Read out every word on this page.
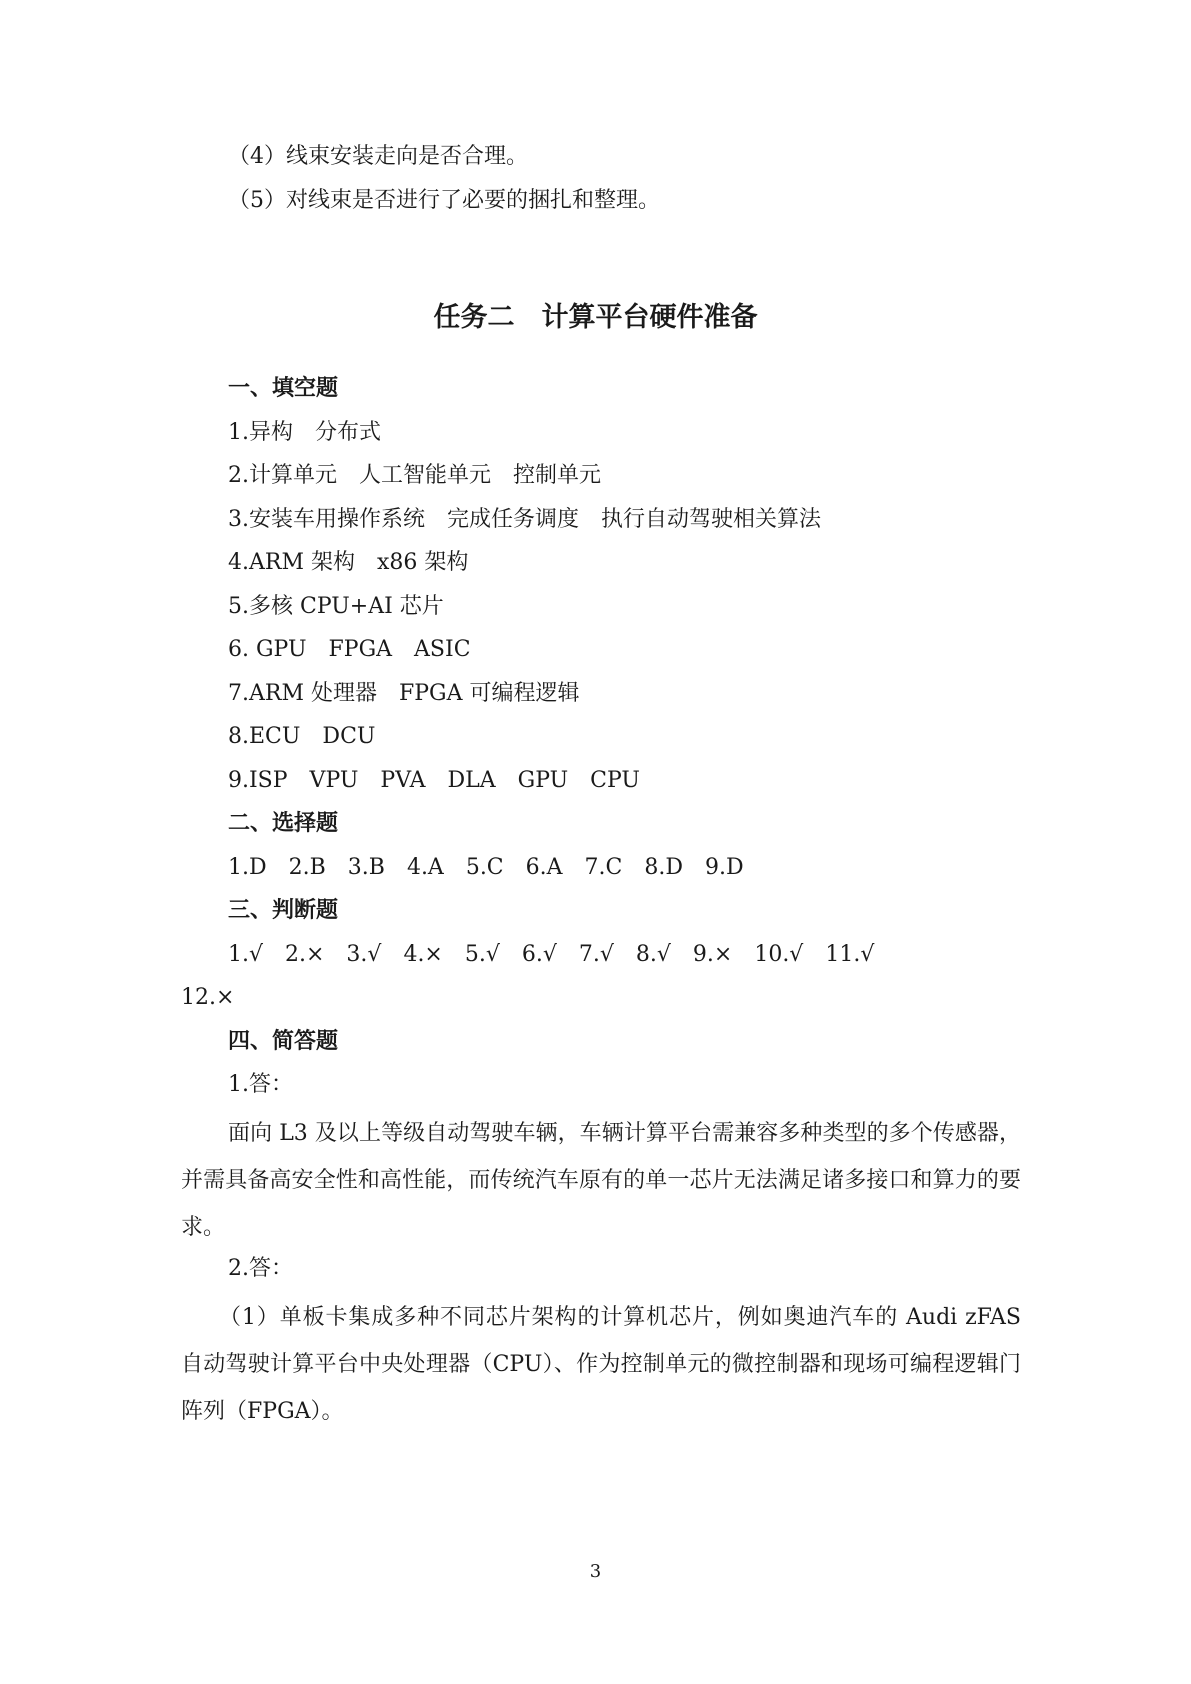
（4）线束安装走向是否合理。
（5）对线束是否进行了必要的捆扎和整理。
任务二　计算平台硬件准备
一、填空题
1.异构　分布式
2.计算单元　人工智能单元　控制单元
3.安装车用操作系统　完成任务调度　执行自动驾驶相关算法
4.ARM 架构　x86 架构
5.多核 CPU+AI 芯片
6. GPU　FPGA　ASIC
7.ARM 处理器　FPGA 可编程逻辑
8.ECU　DCU
9.ISP　VPU　PVA　DLA　GPU　CPU
二、选择题
1.D　2.B　3.B　4.A　5.C　6.A　7.C　8.D　9.D
三、判断题
1.√　2.×　3.√　4.×　5.√　6.√　7.√　8.√　9.×　10.√　11.√
12.×
四、简答题
1.答：
面向 L3 及以上等级自动驾驶车辆，车辆计算平台需兼容多种类型的多个传感器，并需具备高安全性和高性能，而传统汽车原有的单一芯片无法满足诸多接口和算力的要求。
2.答：
（1）单板卡集成多种不同芯片架构的计算机芯片，例如奥迪汽车的 Audi zFAS 自动驾驶计算平台中央处理器（CPU）、作为控制单元的微控制器和现场可编程逻辑门阵列（FPGA）。
3
